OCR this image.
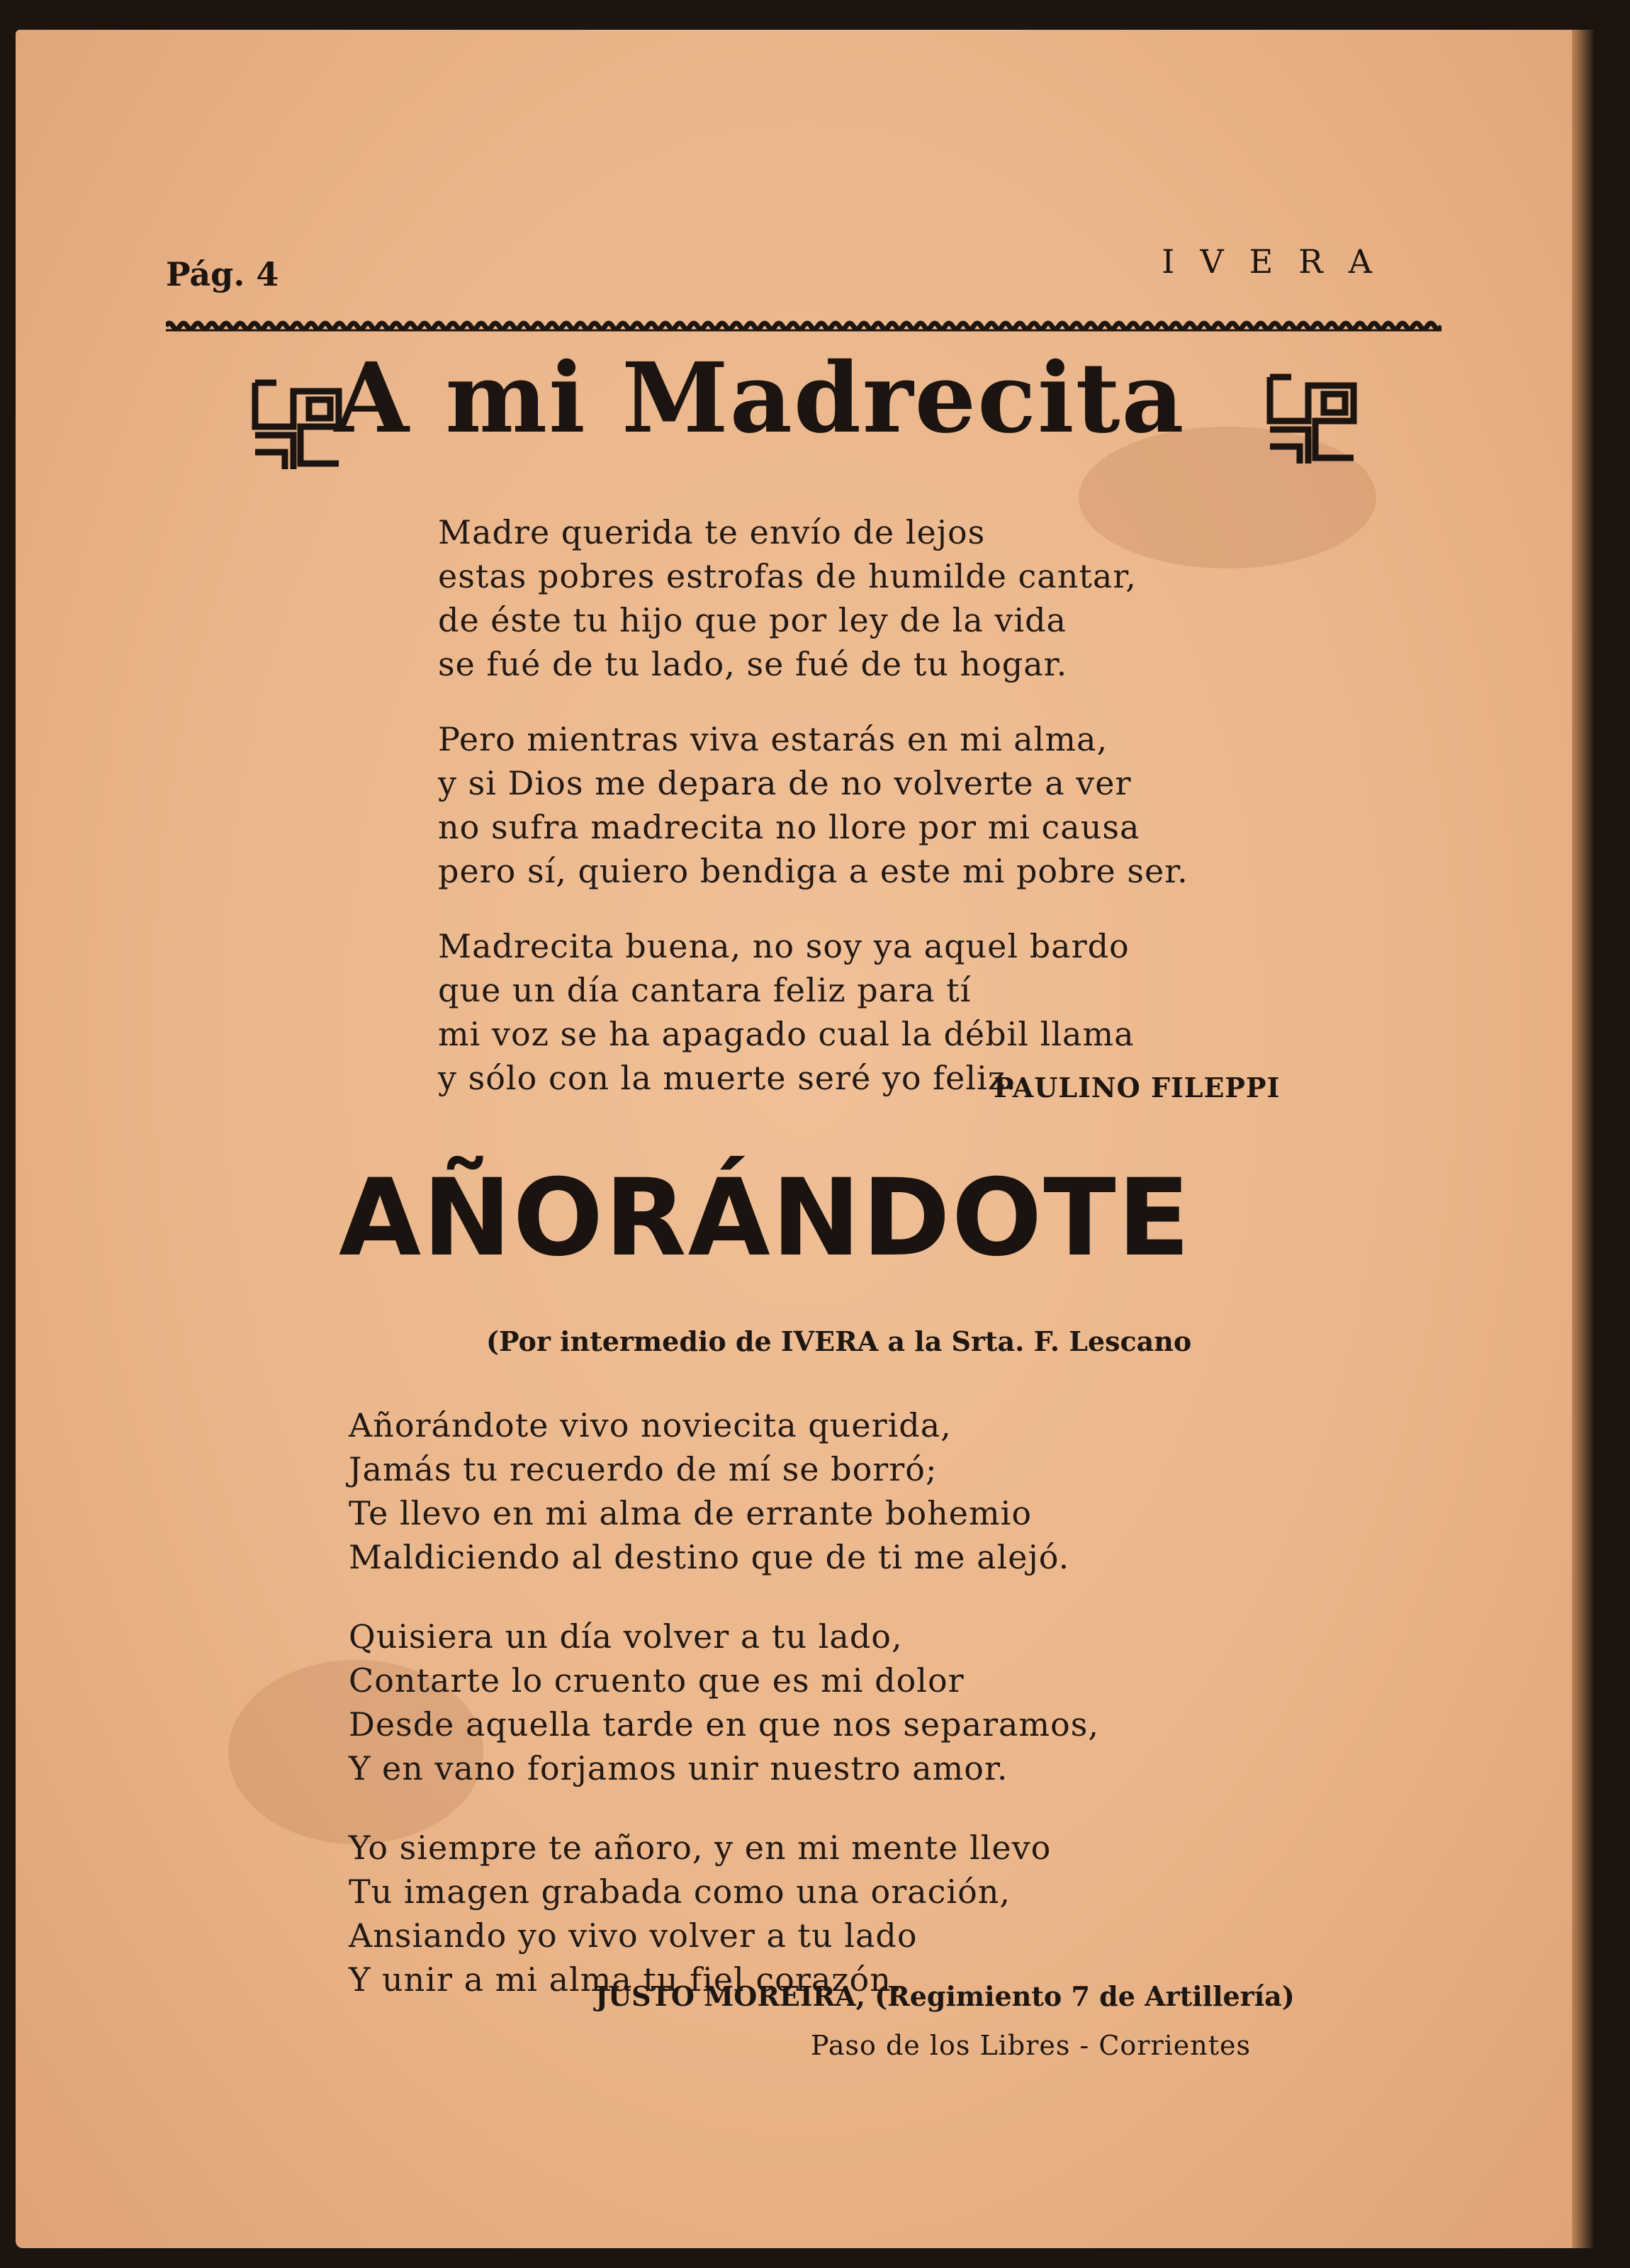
Pág. 4	IVERA
A mi Madrecita
Madre querida te envío de lejos
estas pobres estrofas de humilde cantar,
de éste tu hijo que por ley de la vida
se fué de tu lado, se fué de tu hogar.
Pero mientras viva estarás en mi alma,
y si Dios me depara de no volverte a ver
no sufra madrecita no llore por mi causa
pero sí, quiero bendiga a este mi pobre ser.
Madrecita buena, no soy ya aquel bardo
que un día cantara feliz para tí
mi voz se ha apagado cual la débil llama
y sólo con la muerte seré yo feliz.
PAULINO FILEPPI
AÑORÁNDOTE
(Por intermedio de IVERA a la Srta. F. Lescano
Añorándote vivo noviecita querida,
Jamás tu recuerdo de mí se borró;
Te llevo en mi alma de errante bohemio
Maldiciendo al destino que de ti me alejó.
Quisiera un día volver a tu lado,
Contarte lo cruento que es mi dolor
Desde aquella tarde en que nos separamos,
Y en vano forjamos unir nuestro amor.
Yo siempre te añoro, y en mi mente llevo
Tu imagen grabada como una oración,
Ansiando yo vivo volver a tu lado
Y unir a mi alma tu fiel corazón.
JUSTO MOREIRA, (Regimiento 7 de Artillería)
Paso de los Libres - Corrientes
